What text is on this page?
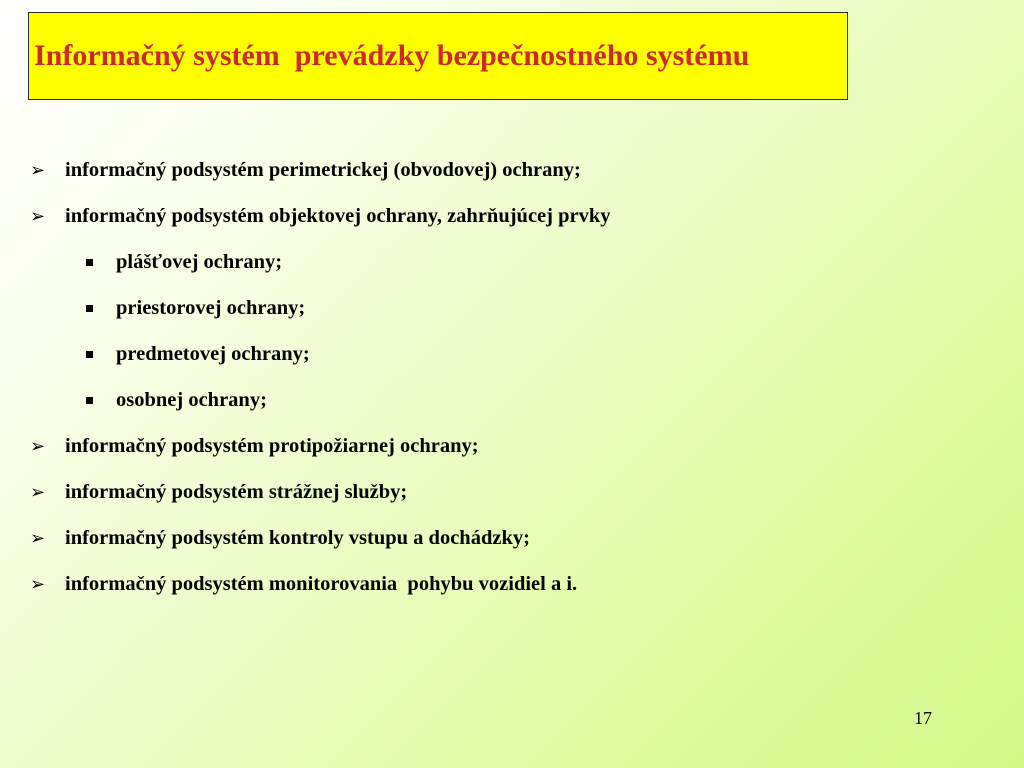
Informačný systém  prevádzky bezpečnostného systému

➢

informačný podsystém perimetrickej (obvodovej) ochrany;

➢

informačný podsystém objektovej ochrany, zahrňujúcej prvky

plášťovej ochrany;

priestorovej ochrany;

predmetovej ochrany;

osobnej ochrany;

➢

informačný podsystém protipožiarnej ochrany;

➢

informačný podsystém strážnej služby;

➢

informačný podsystém kontroly vstupu a dochádzky;

➢

informačný podsystém monitorovania  pohybu vozidiel a i.

17
